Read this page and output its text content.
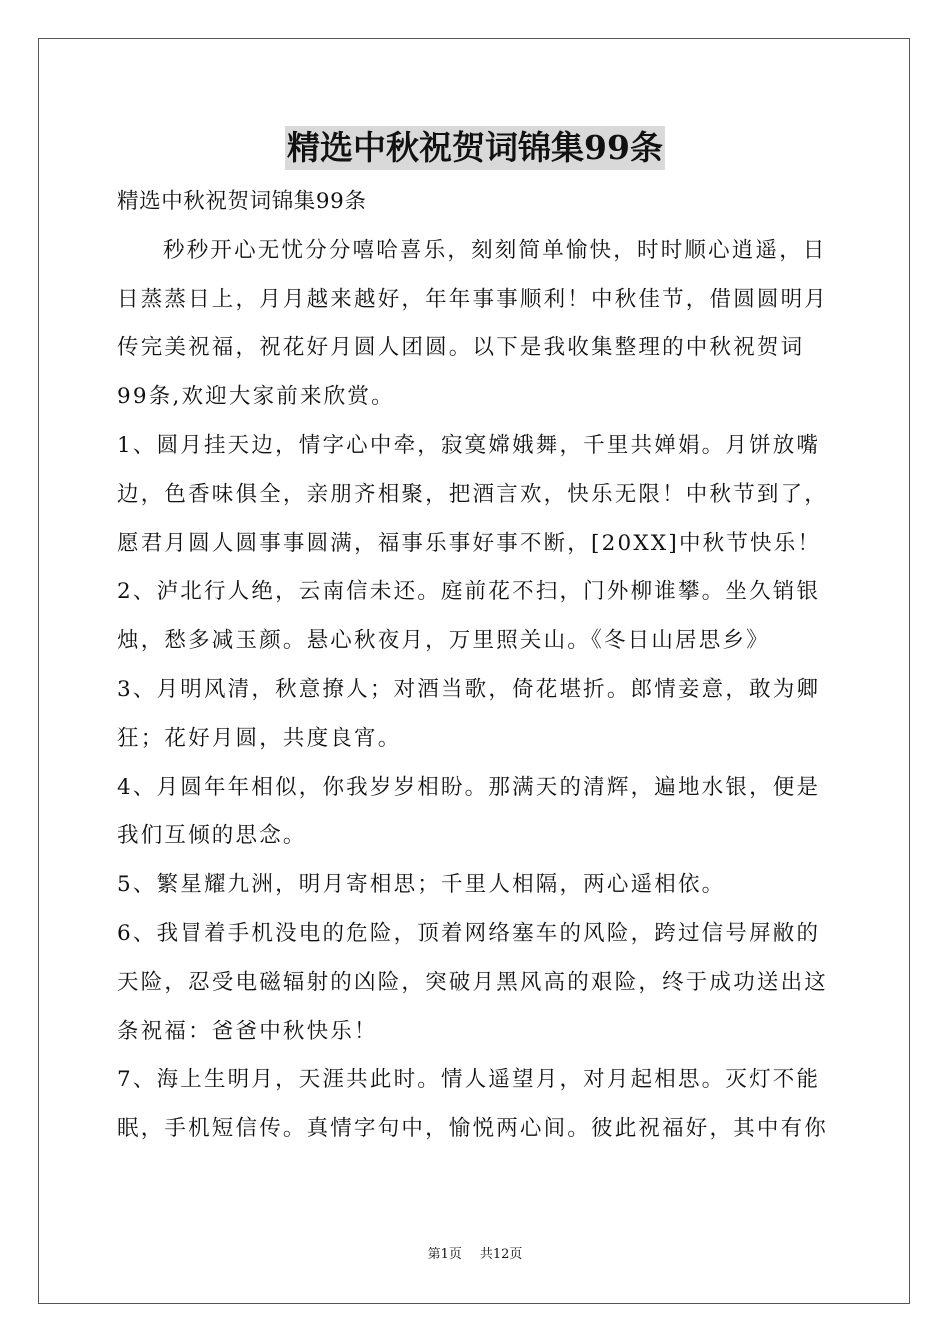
精选中秋祝贺词锦集99条
精选中秋祝贺词锦集99条
秒秒开心无忧分分嘻哈喜乐，刻刻简单愉快，时时顺心逍遥，日
日蒸蒸日上，月月越来越好，年年事事顺利！中秋佳节，借圆圆明月
传完美祝福，祝花好月圆人团圆。以下是我收集整理的中秋祝贺词
99条,欢迎大家前来欣赏。
1、圆月挂天边，情字心中牵，寂寞嫦娥舞，千里共婵娟。月饼放嘴
边，色香味俱全，亲朋齐相聚，把酒言欢，快乐无限！中秋节到了，
愿君月圆人圆事事圆满，福事乐事好事不断，[20XX]中秋节快乐！
2、泸北行人绝，云南信未还。庭前花不扫，门外柳谁攀。坐久销银
烛，愁多减玉颜。悬心秋夜月，万里照关山。《冬日山居思乡》
3、月明风清，秋意撩人；对酒当歌，倚花堪折。郎情妾意，敢为卿
狂；花好月圆，共度良宵。
4、月圆年年相似，你我岁岁相盼。那满天的清辉，遍地水银，便是
我们互倾的思念。
5、繁星耀九洲，明月寄相思；千里人相隔，两心遥相依。
6、我冒着手机没电的危险，顶着网络塞车的风险，跨过信号屏敝的
天险，忍受电磁辐射的凶险，突破月黑风高的艰险，终于成功送出这
条祝福：爸爸中秋快乐！
7、海上生明月，天涯共此时。情人遥望月，对月起相思。灭灯不能
眠，手机短信传。真情字句中，愉悦两心间。彼此祝福好，其中有你
第1页 共12页
